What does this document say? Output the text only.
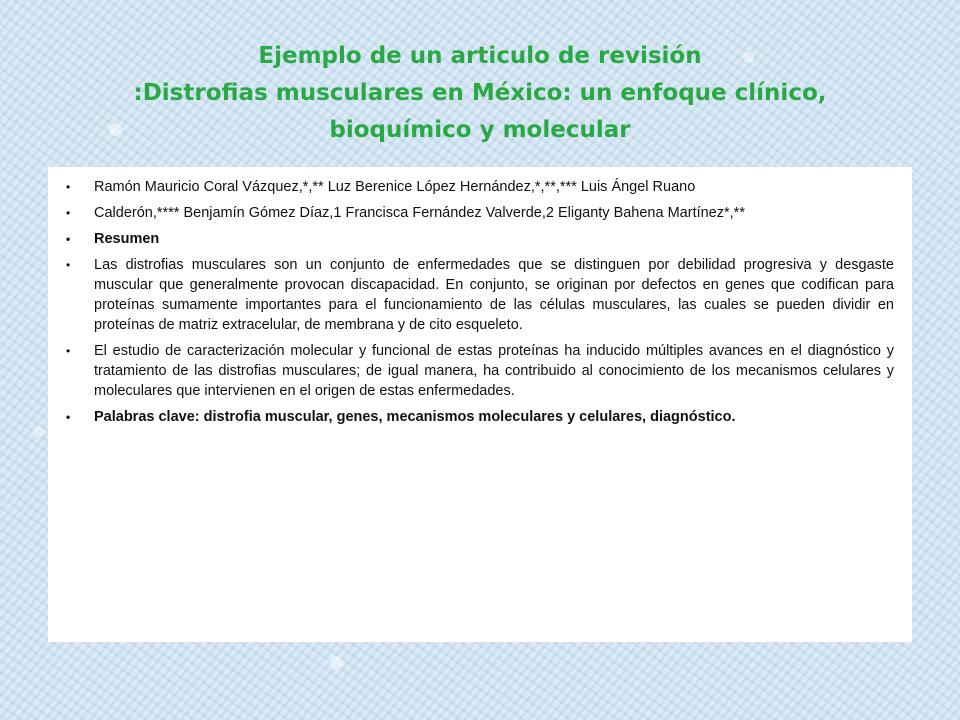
Ejemplo de un articulo de revisión
:Distrofias musculares en México: un enfoque clínico,
bioquímico y molecular
• Ramón Mauricio Coral Vázquez,*,** Luz Berenice López Hernández,*,**,*** Luis Ángel Ruano
• Calderón,**** Benjamín Gómez Díaz,1 Francisca Fernández Valverde,2 Eliganty Bahena Martínez*,**
• Resumen
• Las distrofias musculares son un conjunto de enfermedades que se distinguen por debilidad progresiva y desgaste muscular que generalmente provocan discapacidad. En conjunto, se originan por defectos en genes que codifican para proteínas sumamente importantes para el funcionamiento de las células musculares, las cuales se pueden dividir en proteínas de matriz extracelular, de membrana y de cito esqueleto.
• El estudio de caracterización molecular y funcional de estas proteínas ha inducido múltiples avances en el diagnóstico y tratamiento de las distrofias musculares; de igual manera, ha contribuido al conocimiento de los mecanismos celulares y moleculares que intervienen en el origen de estas enfermedades.
• Palabras clave: distrofia muscular, genes, mecanismos moleculares y celulares, diagnóstico.
